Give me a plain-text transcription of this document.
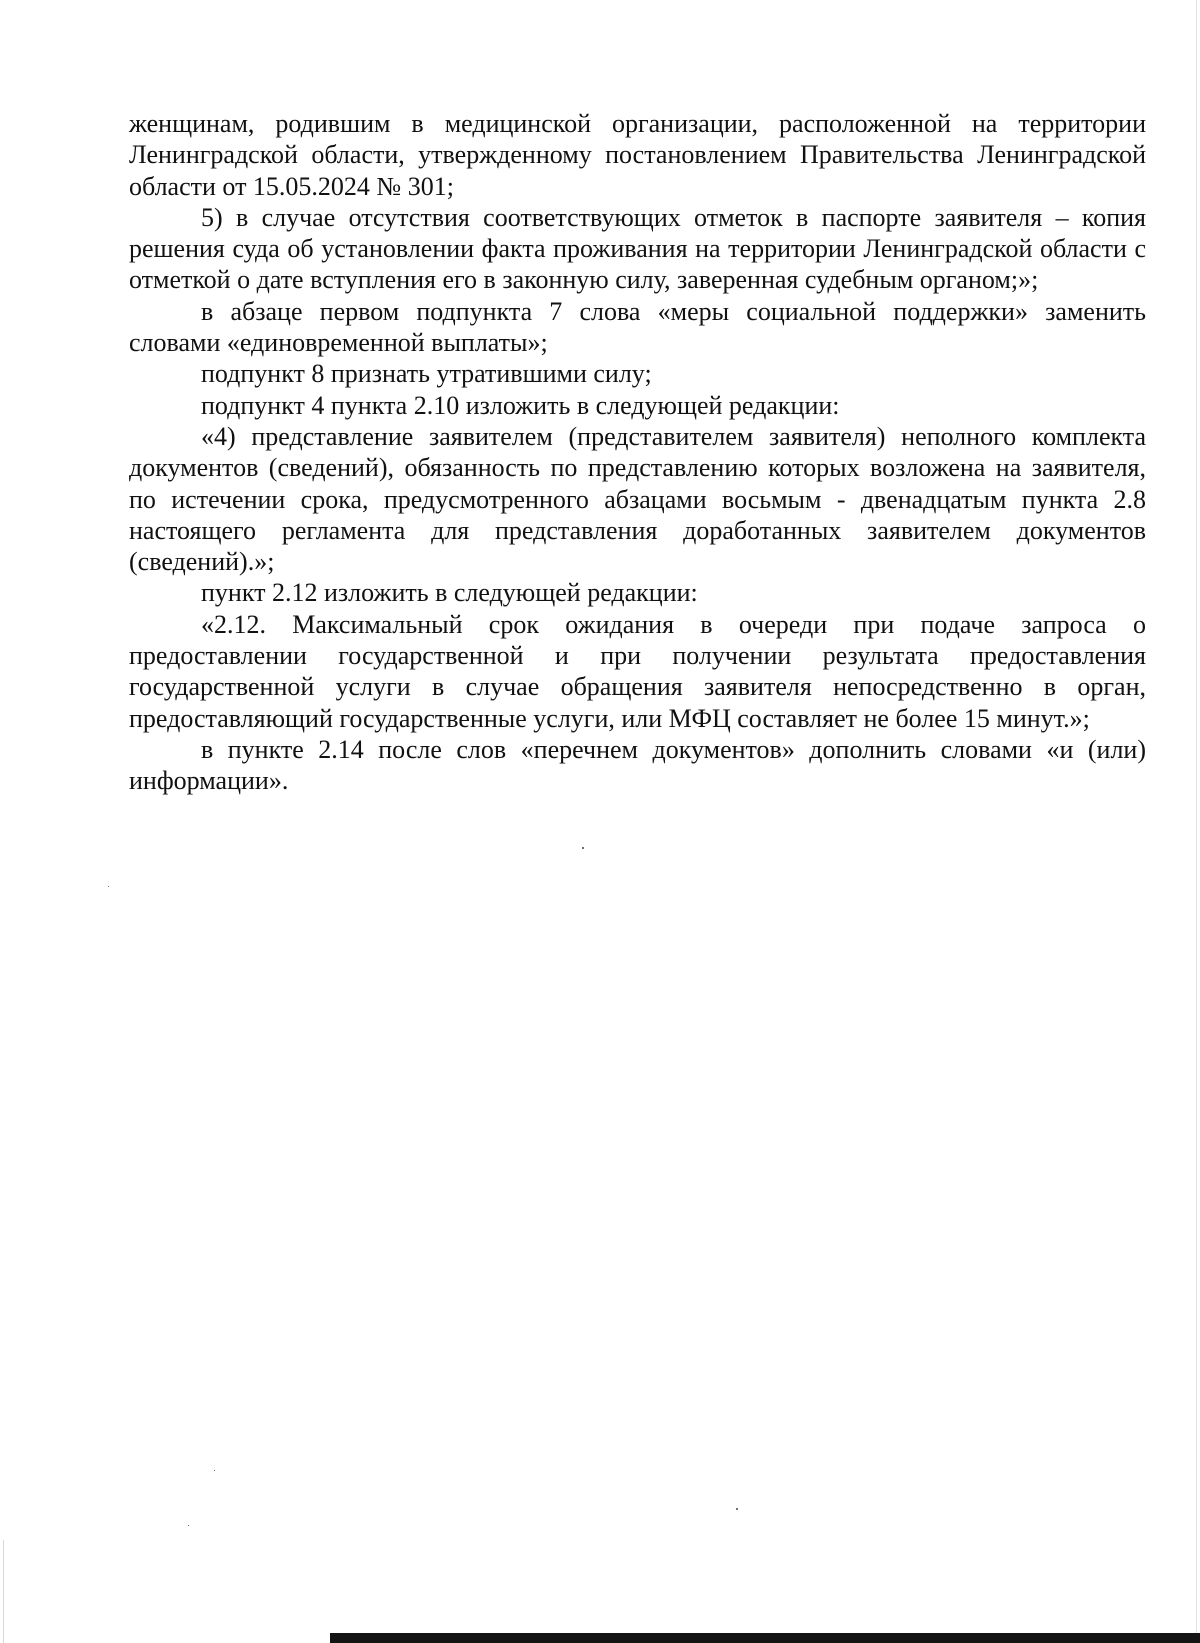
женщинам, родившим в медицинской организации, расположенной на территории Ленинградской области, утвержденному постановлением Правительства Ленинградской области от 15.05.2024 № 301;

5) в случае отсутствия соответствующих отметок в паспорте заявителя – копия решения суда об установлении факта проживания на территории Ленинградской области с отметкой о дате вступления его в законную силу, заверенная судебным органом;»;

в абзаце первом подпункта 7 слова «меры социальной поддержки» заменить словами «единовременной выплаты»;

подпункт 8 признать утратившими силу;

подпункт 4 пункта 2.10 изложить в следующей редакции:

«4) представление заявителем (представителем заявителя) неполного комплекта документов (сведений), обязанность по представлению которых возложена на заявителя, по истечении срока, предусмотренного абзацами восьмым - двенадцатым пункта 2.8 настоящего регламента для представления доработанных заявителем документов (сведений).»;

пункт 2.12 изложить в следующей редакции:

«2.12. Максимальный срок ожидания в очереди при подаче запроса о предоставлении государственной и при получении результата предоставления государственной услуги в случае обращения заявителя непосредственно в орган, предоставляющий государственные услуги, или МФЦ составляет не более 15 минут.»;

в пункте 2.14 после слов «перечнем документов» дополнить словами «и (или) информации».
